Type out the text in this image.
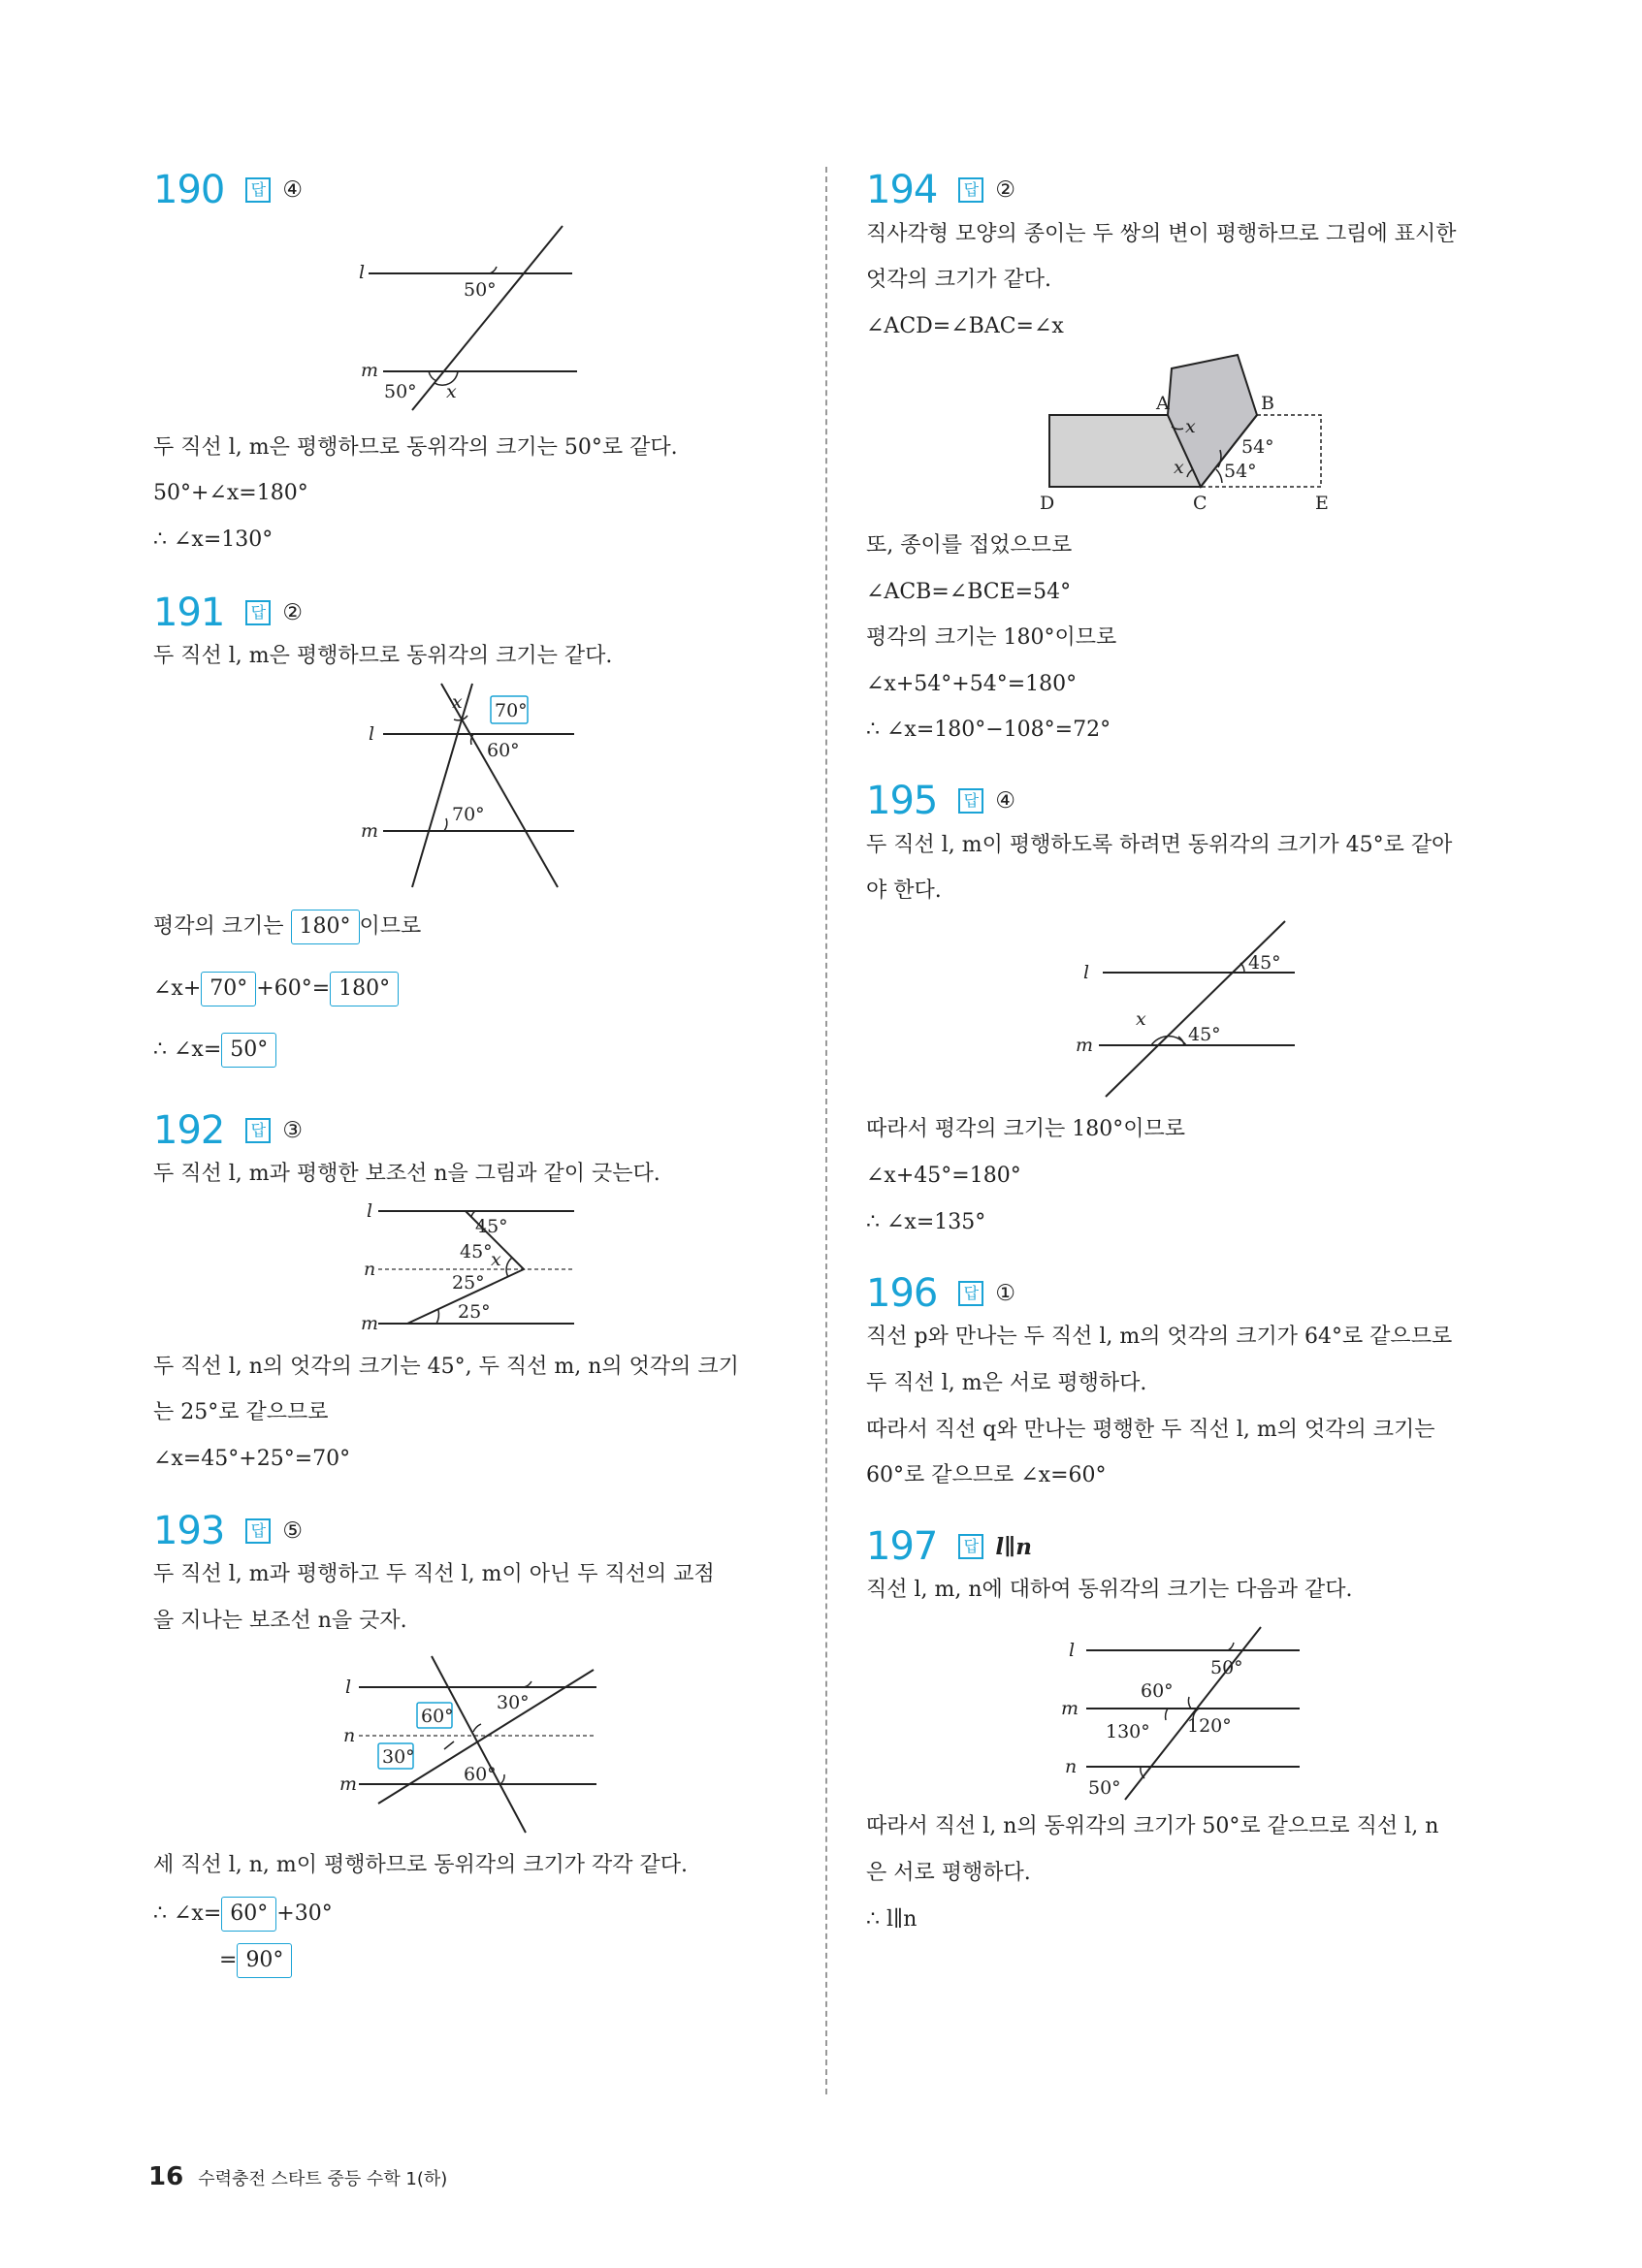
190	답 ④
l
m
50°
50° x

두 직선 l, m은 평행하므로 동위각의 크기는 50°로 같다.

50°+∠x=180°

∴ ∠x=130°

191	답 ②

두 직선 l, m은 평행하므로 동위각의 크기는 같다.

l
m
x 70°
60°
70°

평각의 크기는 180° 이므로

∠x+ 70° +60°= 180°

∴ ∠x= 50°

192	답 ③

두 직선 l, m과 평행한 보조선 n을 그림과 같이 긋는다.

l
n
m
45°
45°
x
25°
25°

두 직선 l, n의 엇각의 크기는 45°, 두 직선 m, n의 엇각의 크기

는 25°로 같으므로

∠x=45°+25°=70°

193	답 ⑤

두 직선 l, m과 평행하고 두 직선 l, m이 아닌 두 직선의 교점

을 지나는 보조선 n을 긋자.

l
n
m
30°
60°
30°
60°

세 직선 l, n, m이 평행하므로 동위각의 크기가 각각 같다.

∴ ∠x= 60° +30°

= 90°

194	답 ②

직사각형 모양의 종이는 두 쌍의 변이 평행하므로 그림에 표시한

엇각의 크기가 같다.

∠ACD=∠BAC=∠x

A	B
C
D	E
x
x
54°
54°

또, 종이를 접었으므로

∠ACB=∠BCE=54°

평각의 크기는 180°이므로

∠x+54°+54°=180°

∴ ∠x=180°−108°=72°

195	답 ④

두 직선 l, m이 평행하도록 하려면 동위각의 크기가 45°로 같아

야 한다.

l
m
45°
x
45°

따라서 평각의 크기는 180°이므로

∠x+45°=180°

∴ ∠x=135°

196	답 ①

직선 p와 만나는 두 직선 l, m의 엇각의 크기가 64°로 같으므로

두 직선 l, m은 서로 평행하다.

따라서 직선 q와 만나는 평행한 두 직선 l, m의 엇각의 크기는

60°로 같으므로 ∠x=60°

197	답 l∥n

직선 l, m, n에 대하여 동위각의 크기는 다음과 같다.

l
m
n
50°
60°
130° 120°
50°

따라서 직선 l, n의 동위각의 크기가 50°로 같으므로 직선 l, n

은 서로 평행하다.

∴ l∥n

16 수력충전 스타트 중등 수학 1(하)
